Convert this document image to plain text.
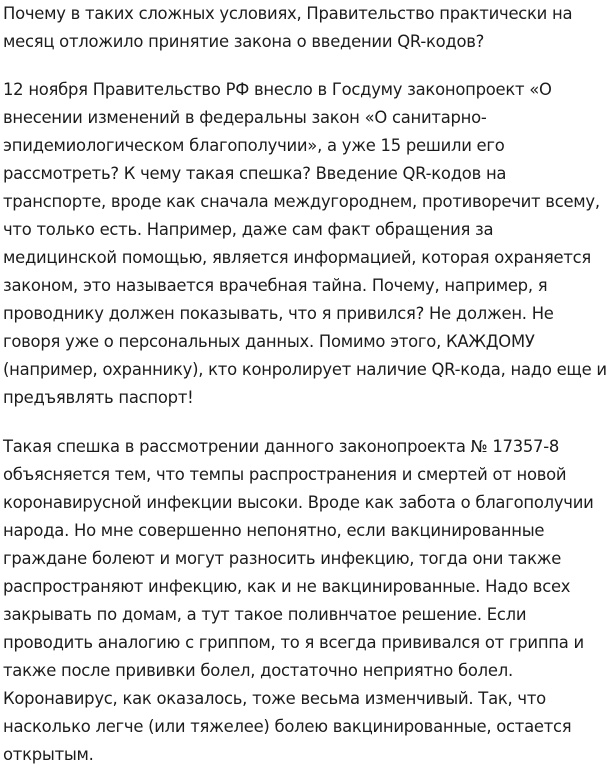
Почему в таких сложных условиях, Правительство практически на месяц отложило принятие закона о введении QR-кодов?

12 ноября Правительство РФ внесло в Госдуму законопроект «О внесении изменений в федеральны закон «О санитарно-эпидемиологическом благополучии», а уже 15 решили его рассмотреть? К чему такая спешка? Введение QR-кодов на транспорте, вроде как сначала междугороднем, противоречит всему, что только есть. Например, даже сам факт обращения за медицинской помощью, является информацией, которая охраняется законом, это называется врачебная тайна. Почему, например, я проводнику должен показывать, что я привился? Не должен. Не говоря уже о персональных данных. Помимо этого, КАЖДОМУ (например, охраннику), кто конролирует наличие QR-кода, надо еще и предъявлять паспорт!

Такая спешка в рассмотрении данного законопроекта № 17357-8 объясняется тем, что темпы распространения и смертей от новой коронавирусной инфекции высоки. Вроде как забота о благополучии народа. Но мне совершенно непонятно, если вакцинированные граждане болеют и могут разносить инфекцию, тогда они также распространяют инфекцию, как и не вакцинированные. Надо всех закрывать по домам, а тут такое поливнчатое решение. Если проводить аналогию с гриппом, то я всегда прививался от гриппа и также после прививки болел, достаточно неприятно болел. Коронавирус, как оказалось, тоже весьма изменчивый. Так, что насколько легче (или тяжелее) болею вакцинированные, остается открытым.
